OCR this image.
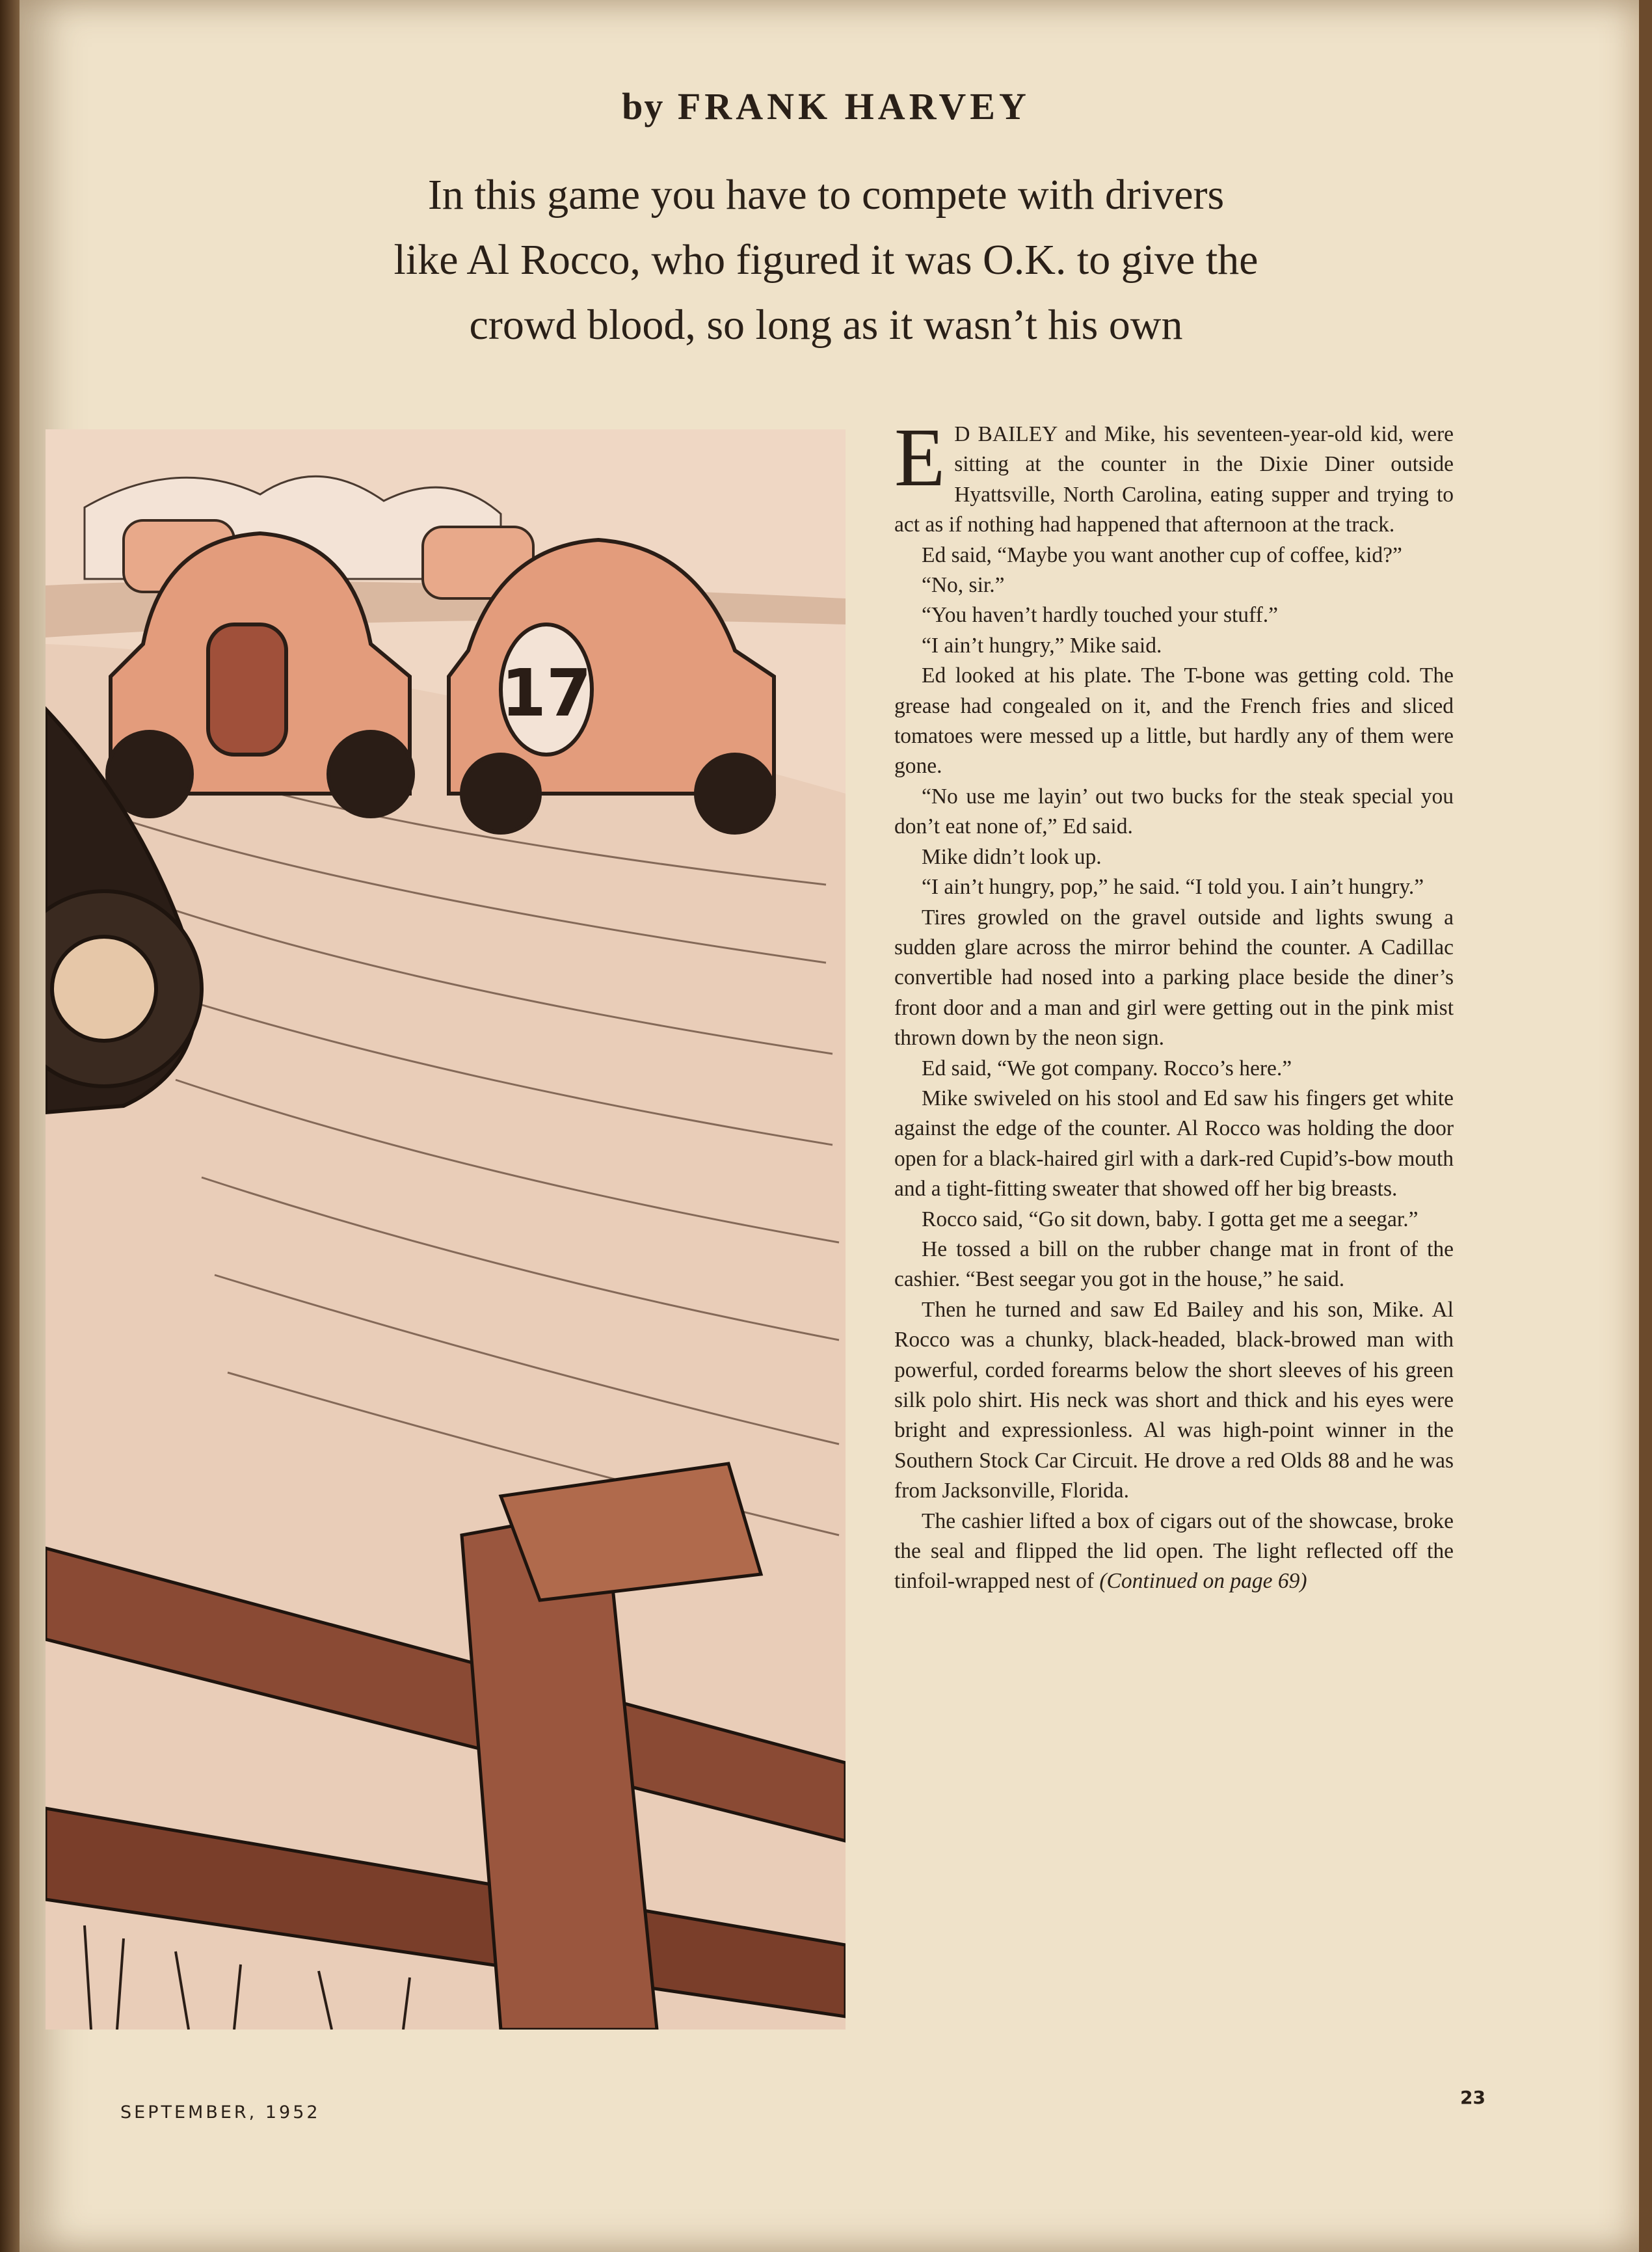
by FRANK HARVEY
In this game you have to compete with drivers
like Al Rocco, who figured it was O.K. to give the
crowd blood, so long as it wasn’t his own
17

E D BAILEY and Mike, his seventeen-year-old kid, were sitting at the counter in the Dixie Diner outside Hyattsville, North Carolina, eating supper and trying to act as if nothing had happened that afternoon at the track.

Ed said, “Maybe you want another cup of coffee, kid?”

“No, sir.”

“You haven’t hardly touched your stuff.”

“I ain’t hungry,” Mike said.

Ed looked at his plate. The T-bone was getting cold. The grease had congealed on it, and the French fries and sliced tomatoes were messed up a little, but hardly any of them were gone.

“No use me layin’ out two bucks for the steak special you don’t eat none of,” Ed said.

Mike didn’t look up.

“I ain’t hungry, pop,” he said. “I told you. I ain’t hungry.”

Tires growled on the gravel outside and lights swung a sudden glare across the mirror behind the counter. A Cadillac convertible had nosed into a parking place beside the diner’s front door and a man and girl were getting out in the pink mist thrown down by the neon sign.

Ed said, “We got company. Rocco’s here.”

Mike swiveled on his stool and Ed saw his fingers get white against the edge of the counter. Al Rocco was holding the door open for a black-haired girl with a dark-red Cupid’s-bow mouth and a tight-fitting sweater that showed off her big breasts.

Rocco said, “Go sit down, baby. I gotta get me a seegar.”

He tossed a bill on the rubber change mat in front of the cashier. “Best seegar you got in the house,” he said.

Then he turned and saw Ed Bailey and his son, Mike. Al Rocco was a chunky, black-headed, black-browed man with powerful, corded forearms below the short sleeves of his green silk polo shirt. His neck was short and thick and his eyes were bright and expressionless. Al was high-point winner in the Southern Stock Car Circuit. He drove a red Olds 88 and he was from Jacksonville, Florida.

The cashier lifted a box of cigars out of the showcase, broke the seal and flipped the lid open. The light reflected off the tinfoil-wrapped nest of (Continued on page 69)

SEPTEMBER, 1952
23
